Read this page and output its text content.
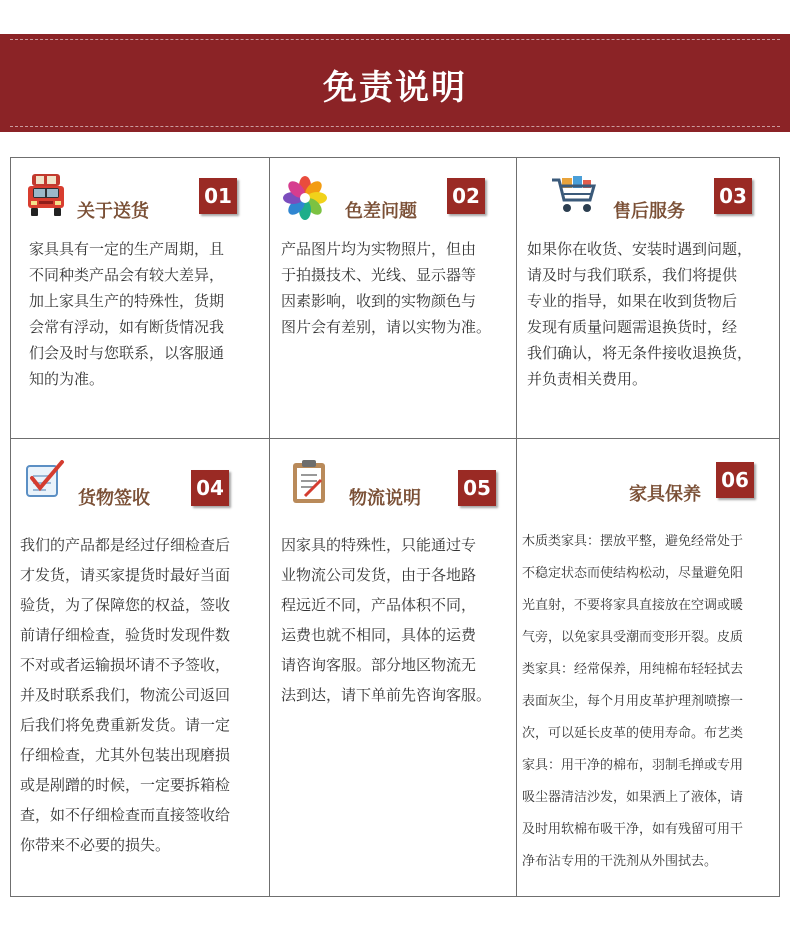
免责说明
关于送货
01
家具具有一定的生产周期，且
不同种类产品会有较大差异，
加上家具生产的特殊性，货期
会常有浮动，如有断货情况我
们会及时与您联系，以客服通
知的为准。
色差问题
02
产品图片均为实物照片，但由
于拍摄技术、光线、显示器等
因素影响，收到的实物颜色与
图片会有差别，请以实物为准。
售后服务
03
如果你在收货、安装时遇到问题，
请及时与我们联系，我们将提供
专业的指导，如果在收到货物后
发现有质量问题需退换货时，经
我们确认，将无条件接收退换货，
并负责相关费用。
货物签收 04
我们的产品都是经过仔细检查后
才发货，请买家提货时最好当面
验货，为了保障您的权益，签收
前请仔细检查，验货时发现件数
不对或者运输损坏请不予签收，
并及时联系我们，物流公司返回
后我们将免费重新发货。请一定
仔细检查，尤其外包装出现磨损
或是剐蹭的时候，一定要拆箱检
查，如不仔细检查而直接签收给
你带来不必要的损失。
物流说明 05
因家具的特殊性，只能通过专
业物流公司发货，由于各地路
程远近不同，产品体积不同，
运费也就不相同，具体的运费
请咨询客服。部分地区物流无
法到达，请下单前先咨询客服。
家具保养
06
木质类家具：摆放平整，避免经常处于
不稳定状态而使结构松动，尽量避免阳
光直射，不要将家具直接放在空调或暖
气旁，以免家具受潮而变形开裂。皮质
类家具：经常保养，用纯棉布轻轻拭去
表面灰尘，每个月用皮革护理剂喷擦一
次，可以延长皮革的使用寿命。布艺类
家具：用干净的棉布，羽制毛掸或专用
吸尘器清洁沙发，如果洒上了液体，请
及时用软棉布吸干净，如有残留可用干
净布沾专用的干洗剂从外围拭去。
